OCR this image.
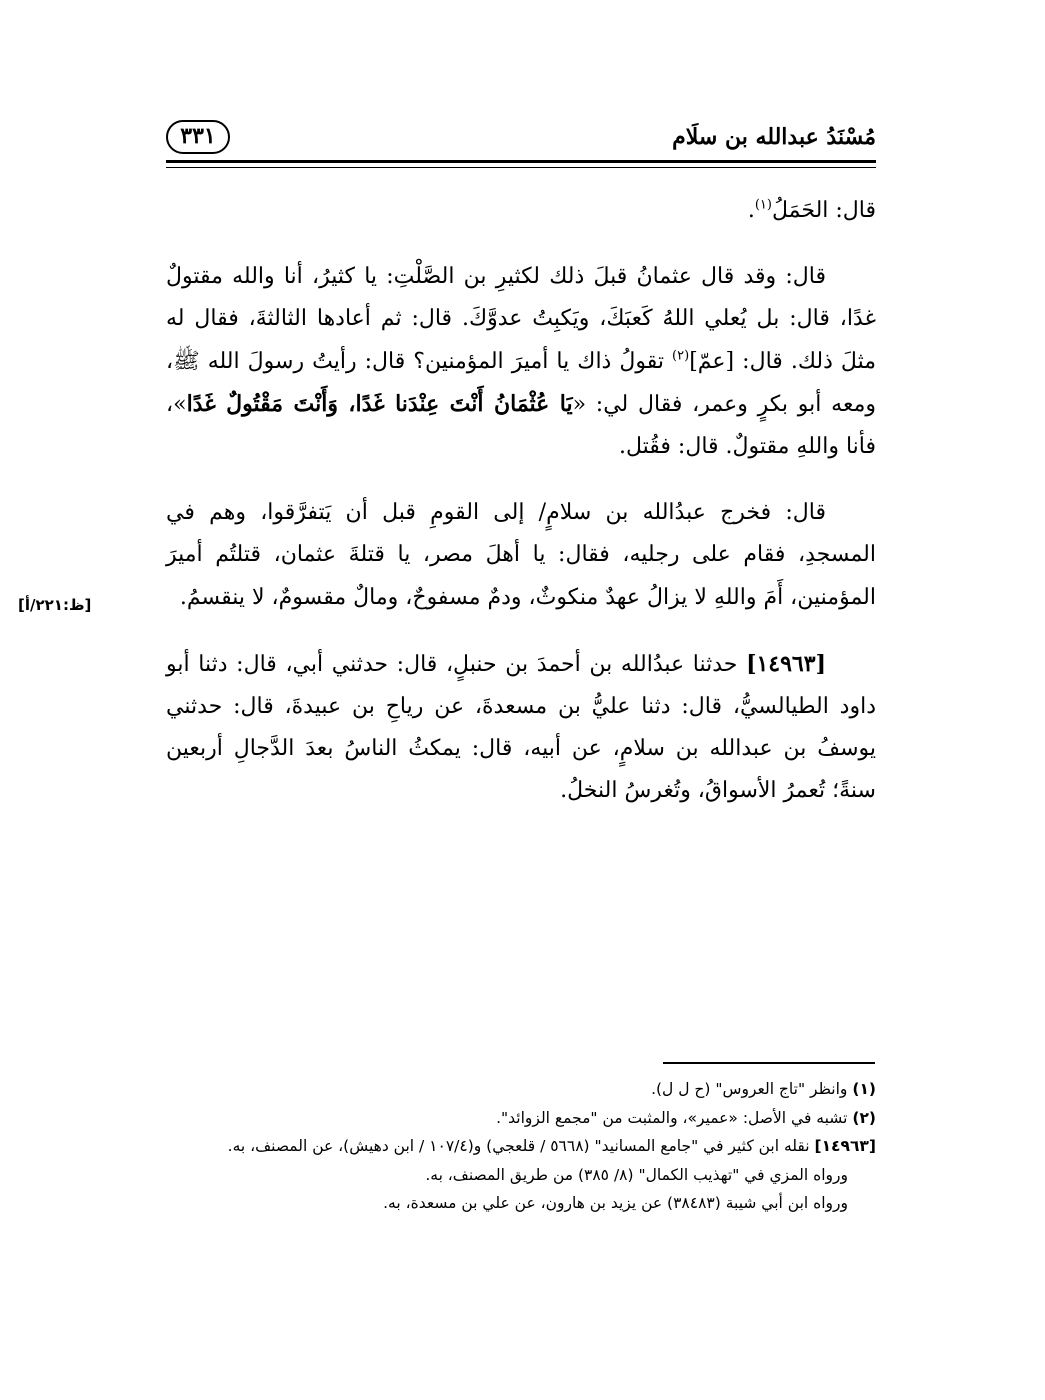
مُسْنَدُ عبدالله بن سلَام
٣٣١
[ظ:٢٢١/أ]

قال: الحَمَلُ$^{(١)}$.

قال: وقد قال عثمانُ قبلَ ذلك لكثيرِ بن الصَّلْتِ: يا كثيرُ، أنا والله مقتولٌ غدًا، قال: بل يُعلي اللهُ كَعبَكَ، ويَكبِتُ عدوَّكَ. قال: ثم أعادها الثالثةَ، فقال له مثلَ ذلك. قال: [عمّ]$^{(٢)}$ تقولُ ذاك يا أميرَ المؤمنين؟ قال: رأيتُ رسولَ الله ﷺ، ومعه أبو بكرٍ وعمر، فقال لي: «يَا عُثْمَانُ أَنْتَ عِنْدَنا غَدًا، وَأَنْتَ مَقْتُولٌ غَدًا»، فأنا واللهِ مقتولٌ. قال: فقُتل.

قال: فخرج عبدُالله بن سلامٍ/ إلى القومِ قبل أن يَتفرَّقوا، وهم في المسجدِ، فقام على رجليه، فقال: يا أهلَ مصر، يا قتلةَ عثمان، قتلتُم أميرَ المؤمنين، أَمَ واللهِ لا يزالُ عهدٌ منكوثٌ، ودمٌ مسفوحٌ، ومالٌ مقسومٌ، لا ينقسمُ.

[١٤٩٦٣] حدثنا عبدُالله بن أحمدَ بن حنبلٍ، قال: حدثني أبي، قال: دثنا أبو داود الطيالسيُّ، قال: دثنا عليُّ بن مسعدةَ، عن رياحِ بن عبيدةَ، قال: حدثني يوسفُ بن عبدالله بن سلامٍ، عن أبيه، قال: يمكثُ الناسُ بعدَ الدَّجالِ أربعين سنةً؛ تُعمرُ الأسواقُ، وتُغرسُ النخلُ.

(١) وانظر "تاج العروس" (ح ل ل).

(٢) تشبه في الأصل: «عمير»، والمثبت من "مجمع الزوائد".

[١٤٩٦٣] نقله ابن كثير في "جامع المسانيد" (٥٦٦٨ / قلعجي) و(١٠٧/٤ / ابن دهيش)، عن المصنف، به.

ورواه المزي في "تهذيب الكمال" (٨/ ٣٨٥) من طريق المصنف، به.

ورواه ابن أبي شيبة (٣٨٤٨٣) عن يزيد بن هارون، عن علي بن مسعدة، به.
